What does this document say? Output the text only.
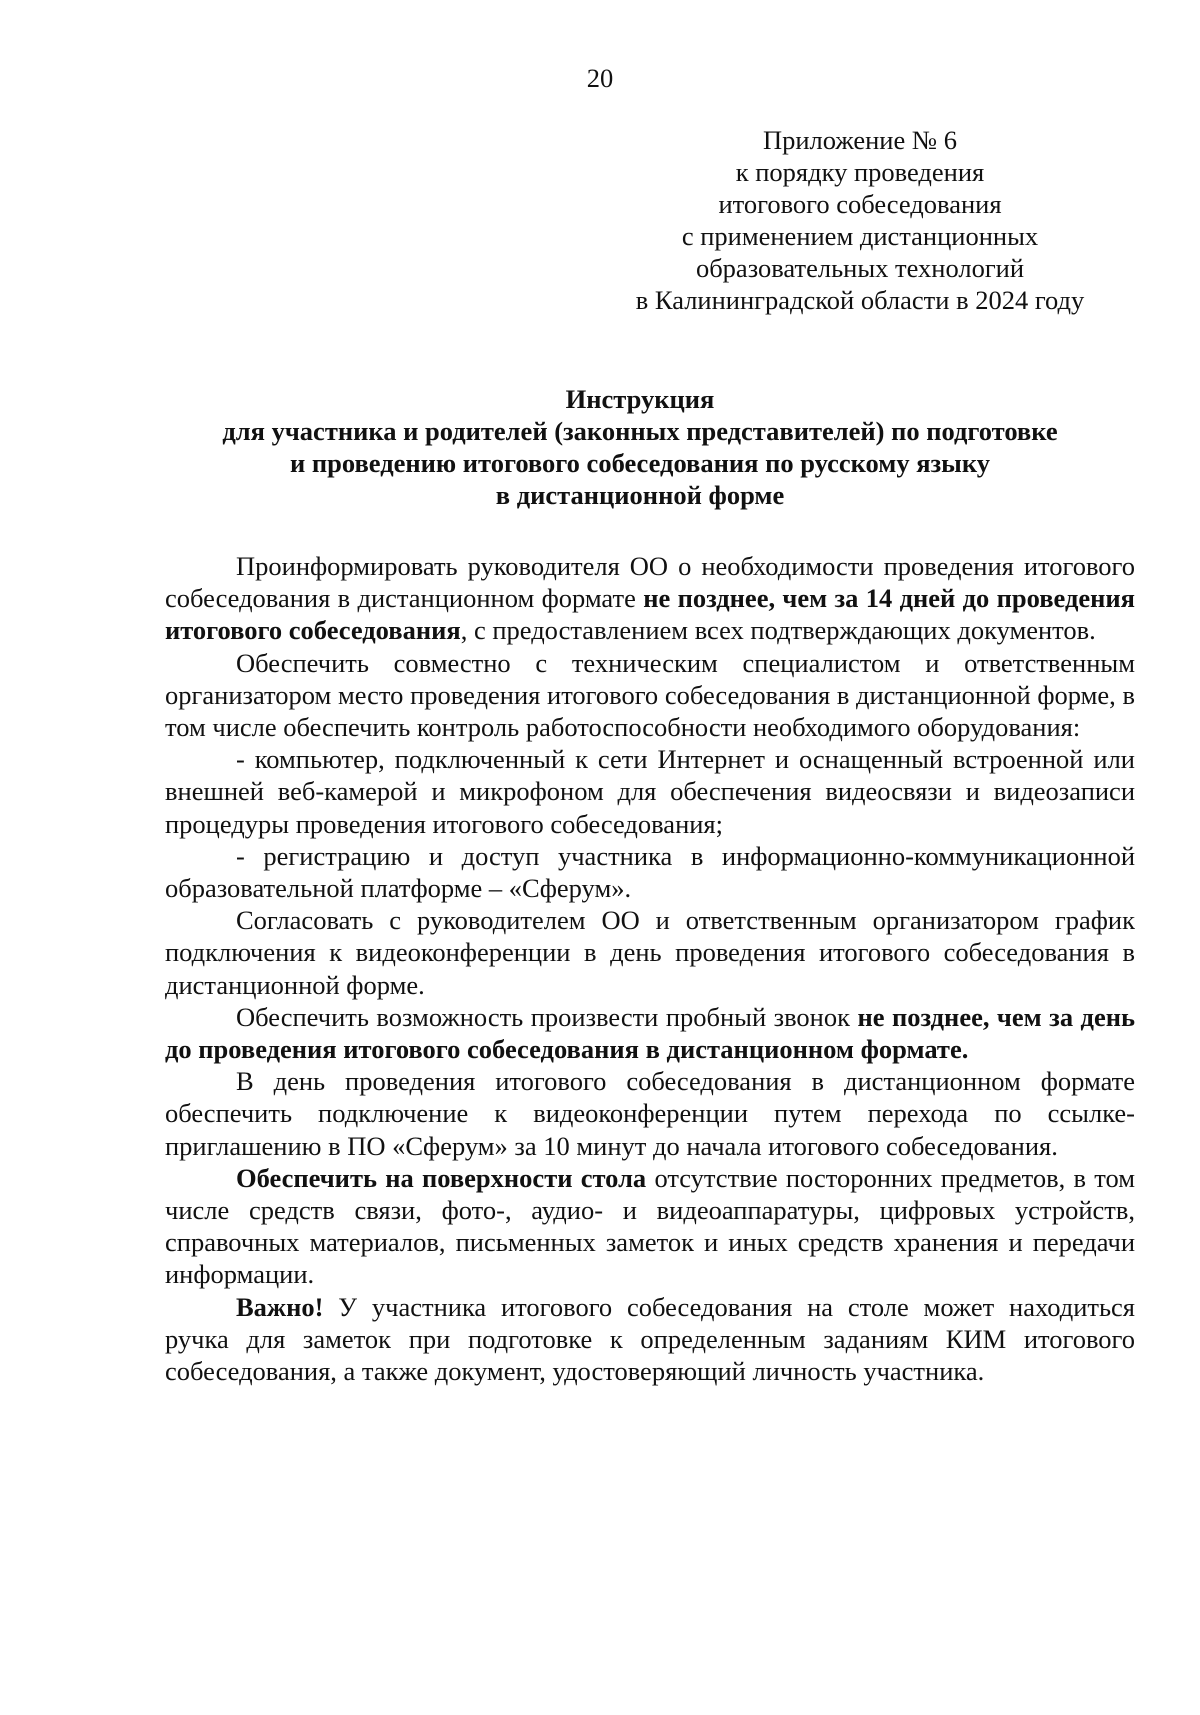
20
Приложение № 6
к порядку проведения
итогового собеседования
с применением дистанционных
образовательных технологий
в Калининградской области в 2024 году
Инструкция
для участника и родителей (законных представителей) по подготовке
и проведению итогового собеседования по русскому языку
в дистанционной форме

Проинформировать руководителя ОО о необходимости проведения итогового собеседования в дистанционном формате не позднее, чем за 14 дней до проведения итогового собеседования, с предоставлением всех подтверждающих документов.

Обеспечить совместно с техническим специалистом и ответственным организатором место проведения итогового собеседования в дистанционной форме, в том числе обеспечить контроль работоспособности необходимого оборудования:

- компьютер, подключенный к сети Интернет и оснащенный встроенной или внешней веб-камерой и микрофоном для обеспечения видеосвязи и видеозаписи процедуры проведения итогового собеседования;

- регистрацию и доступ участника в информационно-коммуникационной образовательной платформе – «Сферум».

Согласовать с руководителем ОО и ответственным организатором график подключения к видеоконференции в день проведения итогового собеседования в дистанционной форме.

Обеспечить возможность произвести пробный звонок не позднее, чем за день до проведения итогового собеседования в дистанционном формате.

В день проведения итогового собеседования в дистанционном формате обеспечить подключение к видеоконференции путем перехода по ссылке-приглашению в ПО «Сферум» за 10 минут до начала итогового собеседования.

Обеспечить на поверхности стола отсутствие посторонних предметов, в том числе средств связи, фото-, аудио- и видеоаппаратуры, цифровых устройств, справочных материалов, письменных заметок и иных средств хранения и передачи информации.

Важно! У участника итогового собеседования на столе может находиться ручка для заметок при подготовке к определенным заданиям КИМ итогового собеседования, а также документ, удостоверяющий личность участника.
